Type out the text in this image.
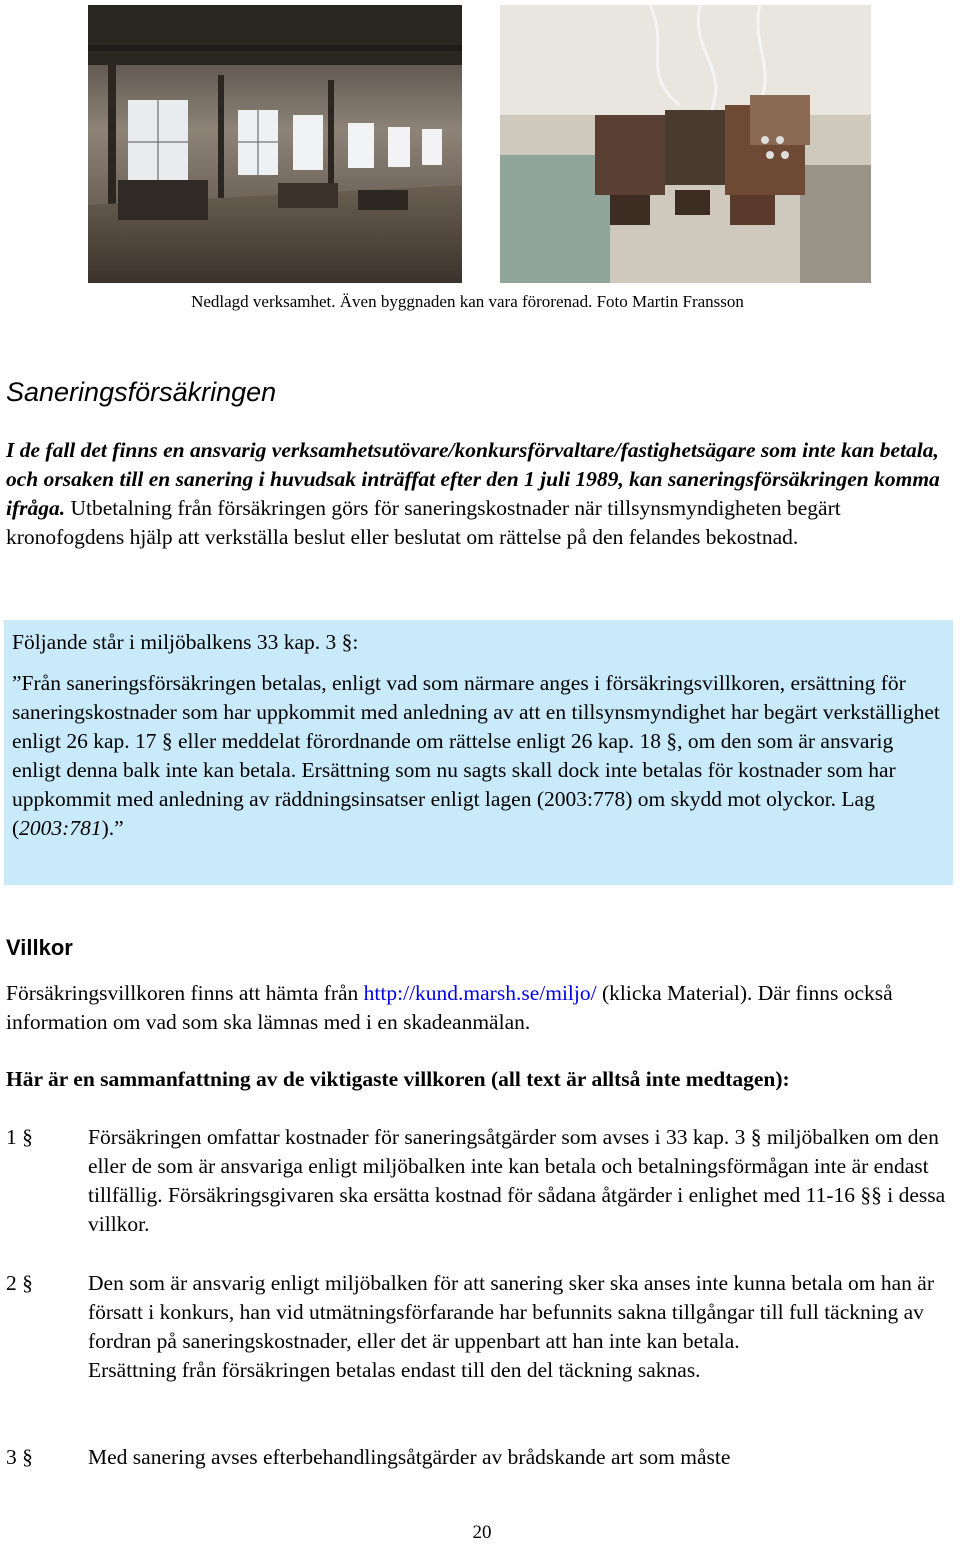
Nedlagd verksamhet. Även byggnaden kan vara förorenad. Foto Martin Fransson
Saneringsförsäkringen

I de fall det finns en ansvarig verksamhetsutövare/konkursförvaltare/fastighetsägare som inte kan betala, och orsaken till en sanering i huvudsak inträffat efter den 1 juli 1989, kan saneringsförsäkringen komma ifråga. Utbetalning från försäkringen görs för saneringskostnader när tillsynsmyndigheten begärt kronofogdens hjälp att verkställa beslut eller beslutat om rättelse på den felandes bekostnad.

Följande står i miljöbalkens 33 kap. 3 §:

”Från saneringsförsäkringen betalas, enligt vad som närmare anges i försäkringsvillkoren, ersättning för saneringskostnader som har uppkommit med anledning av att en tillsynsmyndighet har begärt verkställighet enligt 26 kap. 17 § eller meddelat förordnande om rättelse enligt 26 kap. 18 §, om den som är ansvarig enligt denna balk inte kan betala. Ersättning som nu sagts skall dock inte betalas för kostnader som har uppkommit med anledning av räddningsinsatser enligt lagen (2003:778) om skydd mot olyckor. Lag (2003:781).”

Villkor

Försäkringsvillkoren finns att hämta från http://kund.marsh.se/miljo/ (klicka Material). Där finns också information om vad som ska lämnas med i en skadeanmälan.

Här är en sammanfattning av de viktigaste villkoren (all text är alltså inte medtagen):

1 §	Försäkringen omfattar kostnader för saneringsåtgärder som avses i 33 kap. 3 § miljöbalken om den eller de som är ansvariga enligt miljöbalken inte kan betala och betalningsförmågan inte är endast tillfällig. Försäkringsgivaren ska ersätta kostnad för sådana åtgärder i enlighet med 11-16 §§ i dessa villkor.

2 §	Den som är ansvarig enligt miljöbalken för att sanering sker ska anses inte kunna betala om han är försatt i konkurs, han vid utmätningsförfarande har befunnits sakna tillgångar till full täckning av fordran på saneringskostnader, eller det är uppenbart att han inte kan betala.

Ersättning från försäkringen betalas endast till den del täckning saknas.

3 §	Med sanering avses efterbehandlingsåtgärder av brådskande art som måste

20
